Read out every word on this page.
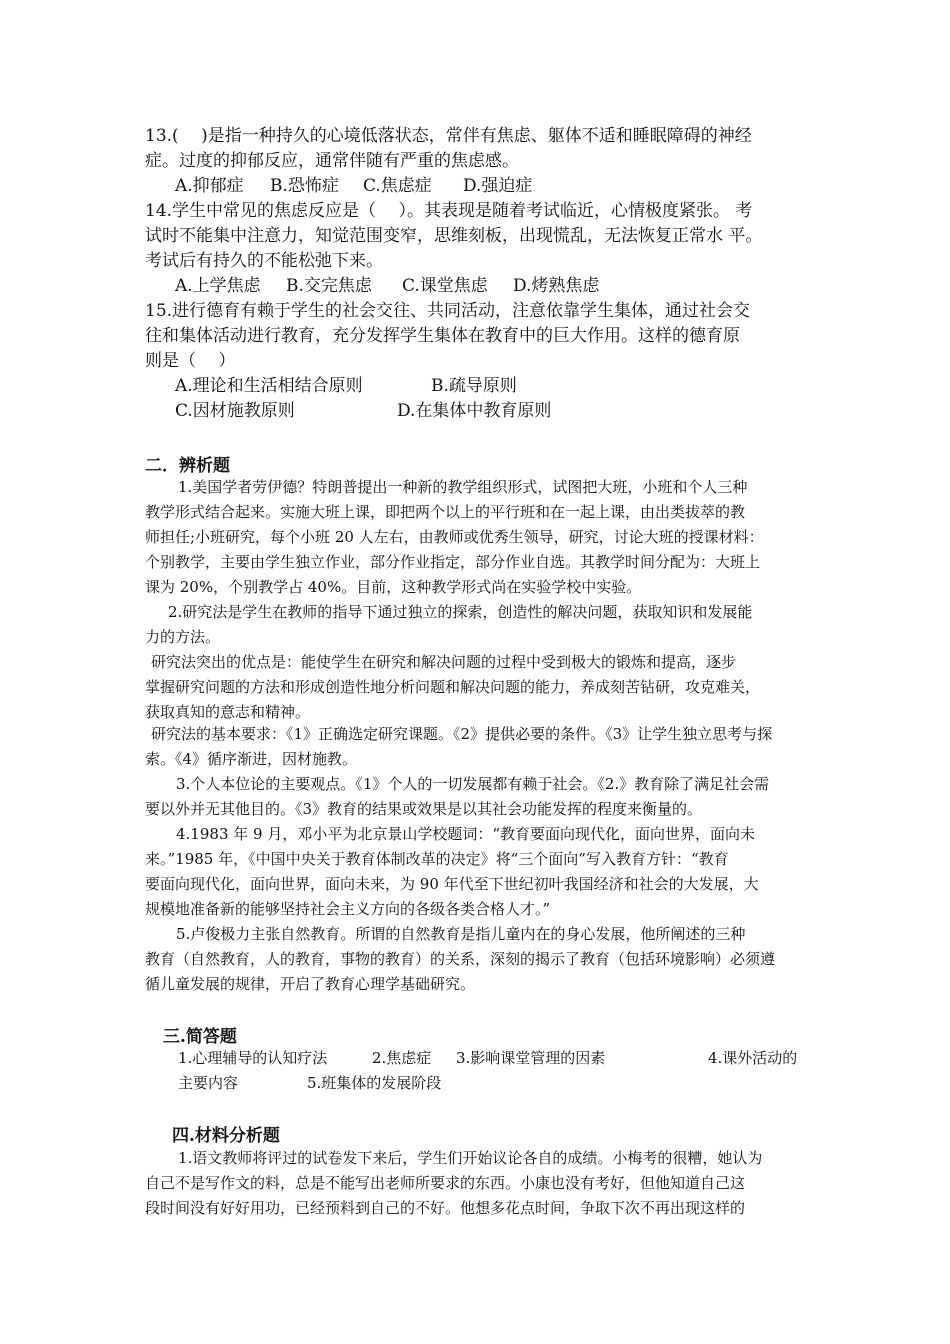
13.(　 )是指一种持久的心境低落状态，常伴有焦虑、躯体不适和睡眠障碍的神经
症。过度的抑郁反应，通常伴随有严重的焦虑感。
A.抑郁症 B.恐怖症 C.焦虑症 D.强迫症
14.学生中常见的焦虑反应是（　 ）。其表现是随着考试临近，心情极度紧张。 考
试时不能集中注意力，知觉范围变窄，思维刻板，出现慌乱，无法恢复正常水 平。
考试后有持久的不能松弛下来。
A.上学焦虑 B.交完焦虑 C.课堂焦虑 D.烤熟焦虑
15.进行德育有赖于学生的社会交往、共同活动，注意依靠学生集体，通过社会交
往和集体活动进行教育，充分发挥学生集体在教育中的巨大作用。这样的德育原
则是（　 ）
A.理论和生活相结合原则	B.疏导原则
C.因材施教原则	D.在集体中教育原则
二．辨析题
1.美国学者劳伊德？特朗普提出一种新的教学组织形式，试图把大班，小班和个人三种
教学形式结合起来。实施大班上课，即把两个以上的平行班和在一起上课，由出类拔萃的教
师担任;小班研究，每个小班 20 人左右，由教师或优秀生领导，研究，讨论大班的授课材料：
个别教学，主要由学生独立作业，部分作业指定，部分作业自选。其教学时间分配为：大班上
课为 20%，个别教学占 40%。目前，这种教学形式尚在实验学校中实验。
2.研究法是学生在教师的指导下通过独立的探索，创造性的解决问题，获取知识和发展能
力的方法。
研究法突出的优点是：能使学生在研究和解决问题的过程中受到极大的锻炼和提高，逐步
掌握研究问题的方法和形成创造性地分析问题和解决问题的能力，养成刻苦钻研，攻克难关，
获取真知的意志和精神。
研究法的基本要求：《1》正确选定研究课题。《2》提供必要的条件。《3》让学生独立思考与探
索。《4》循序渐进，因材施教。
3.个人本位论的主要观点。《1》个人的一切发展都有赖于社会。《2.》教育除了满足社会需
要以外并无其他目的。《3》教育的结果或效果是以其社会功能发挥的程度来衡量的。
4.1983 年 9 月，邓小平为北京景山学校题词：“教育要面向现代化，面向世界，面向未
来。”1985 年，《中国中央关于教育体制改革的决定》将“三个面向”写入教育方针：“教育
要面向现代化，面向世界，面向未来，为 90 年代至下世纪初叶我国经济和社会的大发展，大
规模地准备新的能够坚持社会主义方向的各级各类合格人才。”
5.卢俊极力主张自然教育。所谓的自然教育是指儿童内在的身心发展，他所阐述的三种
教育（自然教育，人的教育，事物的教育）的关系，深刻的揭示了教育（包括环境影响）必须遵
循儿童发展的规律，开启了教育心理学基础研究。
三.简答题
1.心理辅导的认知疗法	2.焦虑症 3.影响课堂管理的因素	4.课外活动的
主要内容	5.班集体的发展阶段
四.材料分析题
1.语文教师将评过的试卷发下来后，学生们开始议论各自的成绩。小梅考的很糟，她认为
自己不是写作文的料，总是不能写出老师所要求的东西。小康也没有考好，但他知道自己这
段时间没有好好用功，已经预料到自己的不好。他想多花点时间，争取下次不再出现这样的
